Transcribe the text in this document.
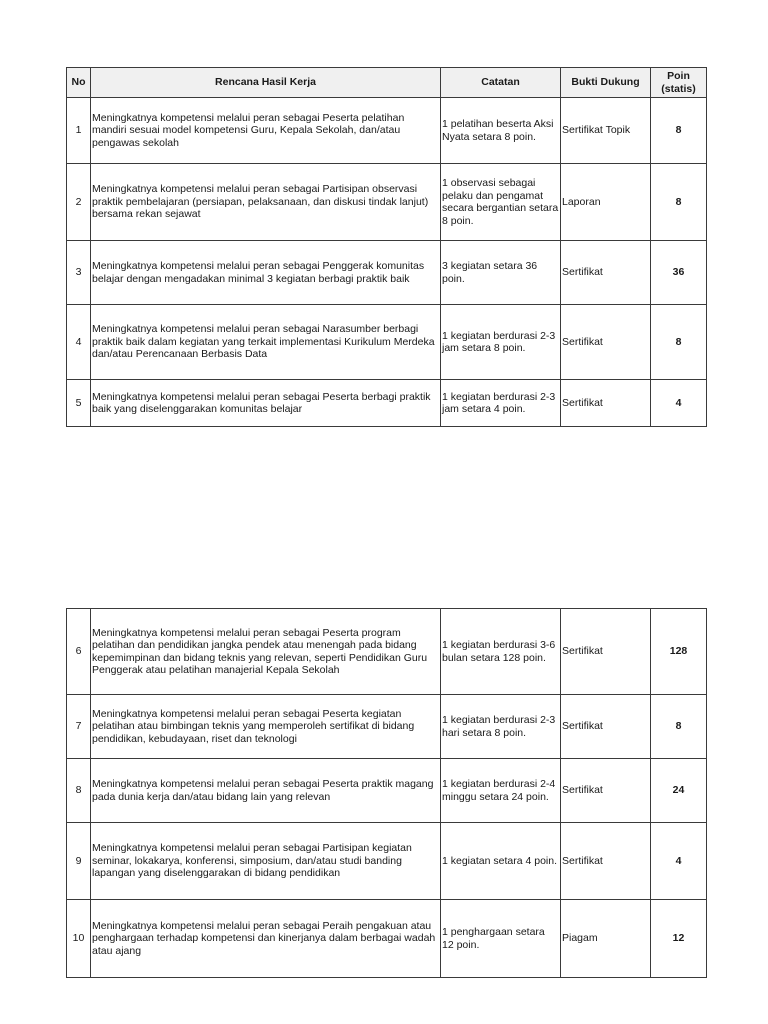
No	Rencana Hasil Kerja	Catatan	Bukti Dukung	Poin (statis)
1	Meningkatnya kompetensi melalui peran sebagai Peserta pelatihan mandiri sesuai model kompetensi Guru, Kepala Sekolah, dan/atau pengawas sekolah	1 pelatihan beserta Aksi Nyata setara 8 poin.	Sertifikat Topik	8
2	Meningkatnya kompetensi melalui peran sebagai Partisipan observasi praktik pembelajaran (persiapan, pelaksanaan, dan diskusi tindak lanjut) bersama rekan sejawat	1 observasi sebagai pelaku dan pengamat secara bergantian setara 8 poin.	Laporan	8
3	Meningkatnya kompetensi melalui peran sebagai Penggerak komunitas belajar dengan mengadakan minimal 3 kegiatan berbagi praktik baik	3 kegiatan setara 36 poin.	Sertifikat	36
4	Meningkatnya kompetensi melalui peran sebagai Narasumber berbagi praktik baik dalam kegiatan yang terkait implementasi Kurikulum Merdeka dan/atau Perencanaan Berbasis Data	1 kegiatan berdurasi 2-3 jam setara 8 poin.	Sertifikat	8
5	Meningkatnya kompetensi melalui peran sebagai Peserta berbagi praktik baik yang diselenggarakan komunitas belajar	1 kegiatan berdurasi 2-3 jam setara 4 poin.	Sertifikat	4
6	Meningkatnya kompetensi melalui peran sebagai Peserta program pelatihan dan pendidikan jangka pendek atau menengah pada bidang kepemimpinan dan bidang teknis yang relevan, seperti Pendidikan Guru Penggerak atau pelatihan manajerial Kepala Sekolah	1 kegiatan berdurasi 3-6 bulan setara 128 poin.	Sertifikat	128
7	Meningkatnya kompetensi melalui peran sebagai Peserta kegiatan pelatihan atau bimbingan teknis yang memperoleh sertifikat di bidang pendidikan, kebudayaan, riset dan teknologi	1 kegiatan berdurasi 2-3 hari setara 8 poin.	Sertifikat	8
8	Meningkatnya kompetensi melalui peran sebagai Peserta praktik magang pada dunia kerja dan/atau bidang lain yang relevan	1 kegiatan berdurasi 2-4 minggu setara 24 poin.	Sertifikat	24
9	Meningkatnya kompetensi melalui peran sebagai Partisipan kegiatan seminar, lokakarya, konferensi, simposium, dan/atau studi banding lapangan yang diselenggarakan di bidang pendidikan	1 kegiatan setara 4 poin.	Sertifikat	4
10	Meningkatnya kompetensi melalui peran sebagai Peraih pengakuan atau penghargaan terhadap kompetensi dan kinerjanya dalam berbagai wadah atau ajang	1 penghargaan setara 12 poin.	Piagam	12
